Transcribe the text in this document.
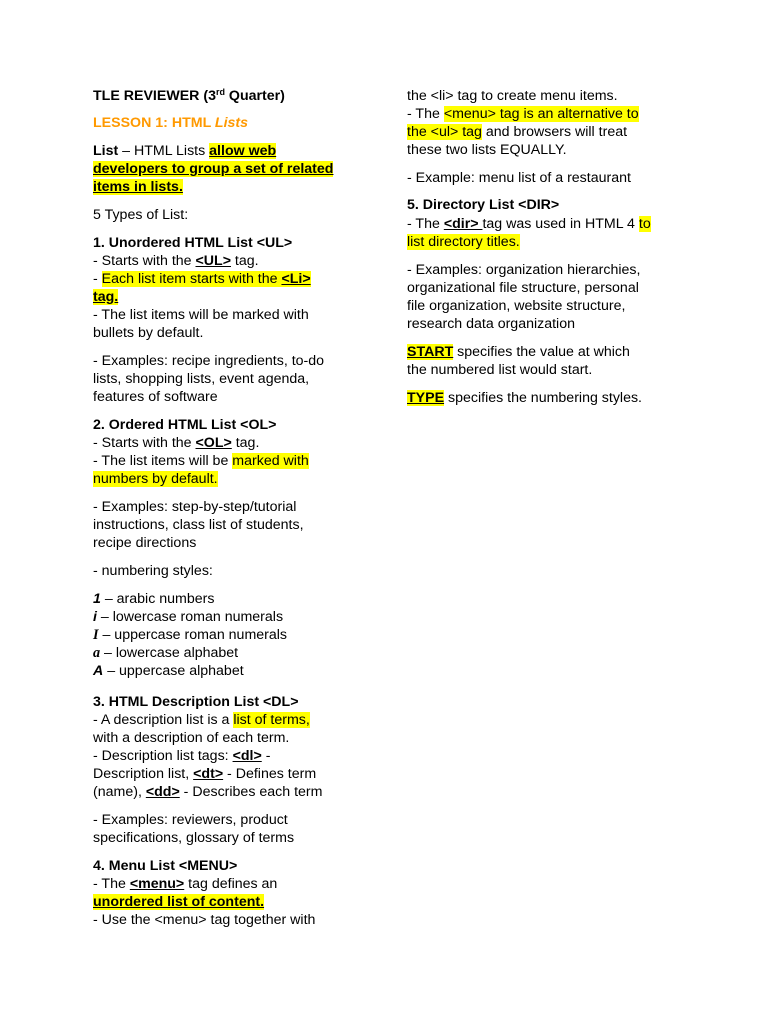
TLE REVIEWER (3rd Quarter)
LESSON 1: HTML Lists
List – HTML Lists allow web
developers to group a set of related
items in lists.
5 Types of List:
1. Unordered HTML List <UL>
- Starts with the <UL> tag.
- Each list item starts with the <Li>
tag.
- The list items will be marked with
bullets by default.
- Examples: recipe ingredients, to-do
lists, shopping lists, event agenda,
features of software
2. Ordered HTML List <OL>
- Starts with the <OL> tag.
- The list items will be marked with
numbers by default.
- Examples: step-by-step/tutorial
instructions, class list of students,
recipe directions
- numbering styles:
1 – arabic numbers
i – lowercase roman numerals
I – uppercase roman numerals
a – lowercase alphabet
A – uppercase alphabet
3. HTML Description List <DL>
- A description list is a list of terms,
with a description of each term.
- Description list tags: <dl> -
Description list, <dt> - Defines term
(name), <dd> - Describes each term
- Examples: reviewers, product
specifications, glossary of terms
4. Menu List <MENU>
- The <menu> tag defines an
unordered list of content.
- Use the <menu> tag together with
the <li> tag to create menu items.
- The <menu> tag is an alternative to
the <ul> tag and browsers will treat
these two lists EQUALLY.
- Example: menu list of a restaurant
5. Directory List <DIR>
- The <dir> tag was used in HTML 4 to
list directory titles.
- Examples: organization hierarchies,
organizational file structure, personal
file organization, website structure,
research data organization
START specifies the value at which
the numbered list would start.
TYPE specifies the numbering styles.
